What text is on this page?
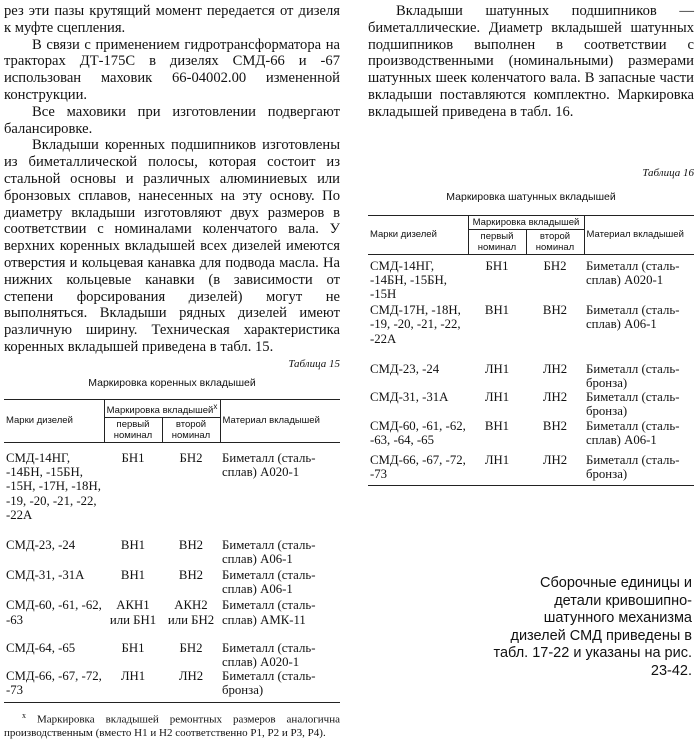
рез эти пазы крутящий момент передается от дизеля к муфте сцепления.

В связи с применением гидротрансформатора на тракторах ДТ-175С в дизелях СМД-66 и -67 использован маховик 66-04002.00 измененной конструкции.

Все маховики при изготовлении подвергают балансировке.

Вкладыши коренных подшипников изготовлены из биметаллической полосы, которая состоит из стальной основы и различных алюминиевых или бронзовых сплавов, нанесенных на эту основу. По диаметру вкладыши изготовляют двух размеров в соответствии с номиналами коленчатого вала. У верхних коренных вкладышей всех дизелей имеются отверстия и кольцевая канавка для подвода масла. На нижних кольцевые канавки (в зависимости от степени форсирования дизелей) могут не выполняться. Вкладыши рядных дизелей имеют различную ширину. Техническая характеристика коренных вкладышей приведена в табл. 15.

Таблица 15

Маркировка коренных вкладышей

Марки дизелей	Маркировка вкладышей$^x$		Материал вкладышей
	первый номинал	второй номинал	
СМД-14НГ, -14БН, -15БН, -15Н, -17Н, -18Н, -19, -20, -21, -22, -22А	БН1	БН2	Биметалл (сталь-сплав) А020-1
СМД-23, -24	ВН1	ВН2	Биметалл (сталь-сплав) А06-1
СМД-31, -31А	ВН1	ВН2	Биметалл (сталь-сплав) А06-1
СМД-60, -61, -62, -63	АКН1 или БН1	АКН2 или БН2	Биметалл (сталь-сплав) АМК-11
СМД-64, -65	БН1	БН2	Биметалл (сталь-сплав) А020-1
СМД-66, -67, -72, -73	ЛН1	ЛН2	Биметалл (сталь-бронза)
$^x$ Маркировка вкладышей ремонтных размеров аналогична производственным (вместо Н1 и Н2 соответственно Р1, Р2 и Р3, Р4).

Вкладыши шатунных подшипников — биметаллические. Диаметр вкладышей шатунных подшипников выполнен в соответствии с производственными (номинальными) размерами шатунных шеек коленчатого вала. В запасные части вкладыши поставляются комплектно. Маркировка вкладышей приведена в табл. 16.

Таблица 16

Маркировка шатунных вкладышей

Марки дизелей	Маркировка вкладышей		Материал вкладышей
	первый номинал	второй номинал	
СМД-14НГ, -14БН, -15БН, -15Н	БН1	БН2	Биметалл (сталь-сплав) А020-1
СМД-17Н, -18Н, -19, -20, -21, -22, -22А	ВН1	ВН2	Биметалл (сталь-сплав) А06-1
СМД-23, -24	ЛН1	ЛН2	Биметалл (сталь-бронза)
СМД-31, -31А	ЛН1	ЛН2	Биметалл (сталь-бронза)
СМД-60, -61, -62, -63, -64, -65	ВН1	ВН2	Биметалл (сталь-сплав) А06-1
СМД-66, -67, -72, -73	ЛН1	ЛН2	Биметалл (сталь-бронза)
Сборочные единицы и детали кривошипно-шатунного механизма дизелей СМД приведены в табл. 17-22 и указаны на рис. 23-42.
